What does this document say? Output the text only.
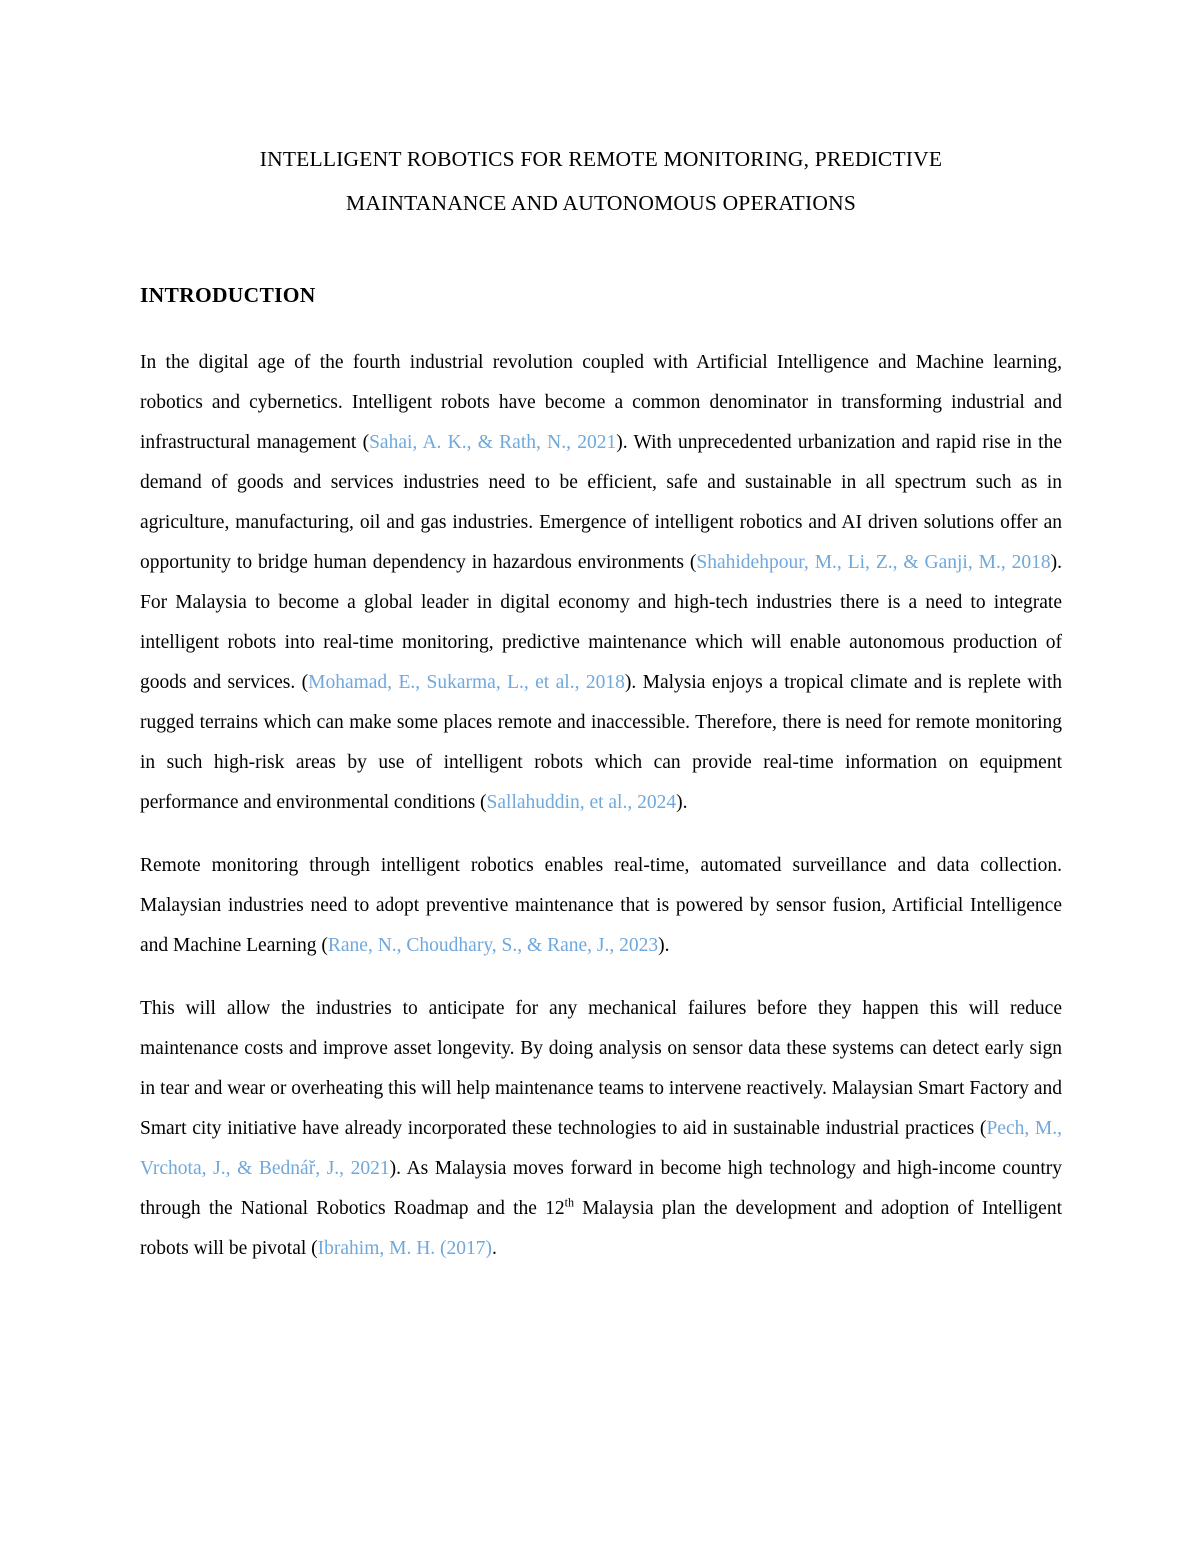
INTELLIGENT ROBOTICS FOR REMOTE MONITORING, PREDICTIVE
MAINTANANCE AND AUTONOMOUS OPERATIONS
INTRODUCTION

In the digital age of the fourth industrial revolution coupled with Artificial Intelligence and Machine learning, robotics and cybernetics. Intelligent robots have become a common denominator in transforming industrial and infrastructural management (Sahai, A. K., & Rath, N., 2021). With unprecedented urbanization and rapid rise in the demand of goods and services industries need to be efficient, safe and sustainable in all spectrum such as in agriculture, manufacturing, oil and gas industries. Emergence of intelligent robotics and AI driven solutions offer an opportunity to bridge human dependency in hazardous environments (Shahidehpour, M., Li, Z., & Ganji, M., 2018). For Malaysia to become a global leader in digital economy and high-tech industries there is a need to integrate intelligent robots into real-time monitoring, predictive maintenance which will enable autonomous production of goods and services. (Mohamad, E., Sukarma, L., et al., 2018). Malysia enjoys a tropical climate and is replete with rugged terrains which can make some places remote and inaccessible. Therefore, there is need for remote monitoring in such high-risk areas by use of intelligent robots which can provide real-time information on equipment performance and environmental conditions (Sallahuddin, et al., 2024).

Remote monitoring through intelligent robotics enables real-time, automated surveillance and data collection. Malaysian industries need to adopt preventive maintenance that is powered by sensor fusion, Artificial Intelligence and Machine Learning (Rane, N., Choudhary, S., & Rane, J., 2023).

This will allow the industries to anticipate for any mechanical failures before they happen this will reduce maintenance costs and improve asset longevity. By doing analysis on sensor data these systems can detect early sign in tear and wear or overheating this will help maintenance teams to intervene reactively. Malaysian Smart Factory and Smart city initiative have already incorporated these technologies to aid in sustainable industrial practices (Pech, M., Vrchota, J., & Bednář, J., 2021). As Malaysia moves forward in become high technology and high-income country through the National Robotics Roadmap and the 12th Malaysia plan the development and adoption of Intelligent robots will be pivotal (Ibrahim, M. H. (2017).
